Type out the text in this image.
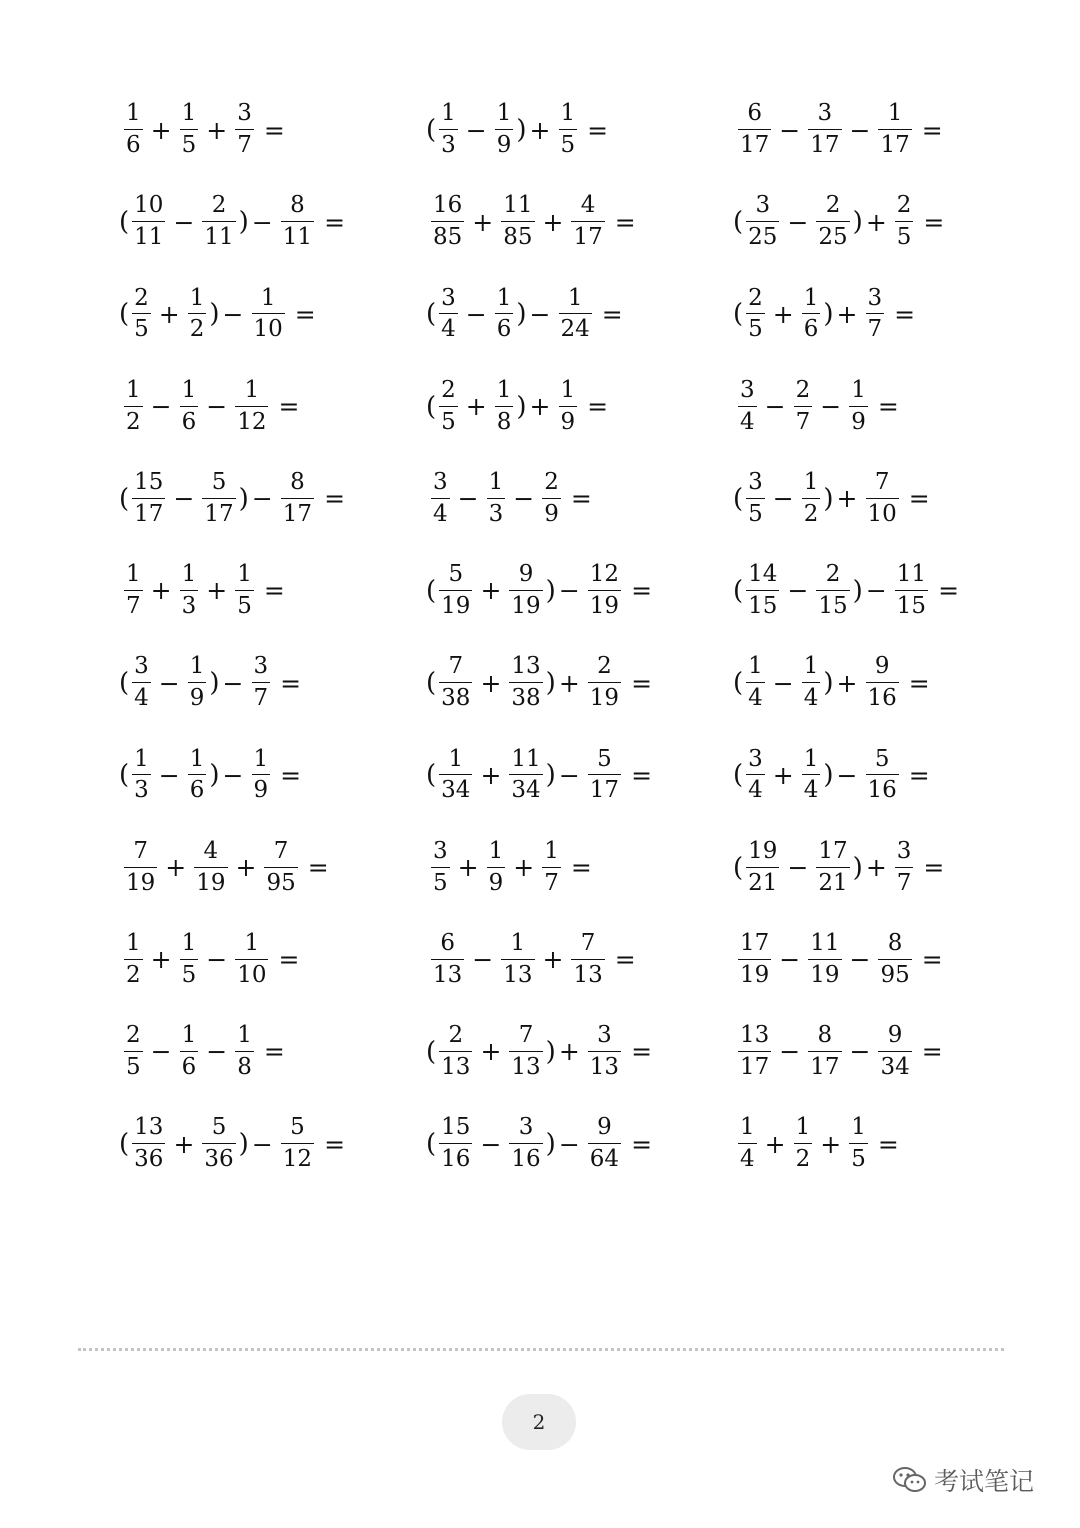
$\frac{1}{6} + \frac{1}{5} + \frac{3}{7}$ =	( $\frac{1}{3} - \frac{1}{9}$ ) + $\frac{1}{5}$ =	$\frac{6}{17} - \frac{3}{17} - \frac{1}{17}$ =
( $\frac{10}{11} - \frac{2}{11}$ ) − $\frac{8}{11}$ =	$\frac{16}{85} + \frac{11}{85} + \frac{4}{17}$ =	( $\frac{3}{25} - \frac{2}{25}$ ) + $\frac{2}{5}$ =
( $\frac{2}{5} + \frac{1}{2}$ ) − $\frac{1}{10}$ =	( $\frac{3}{4} - \frac{1}{6}$ ) − $\frac{1}{24}$ =	( $\frac{2}{5} + \frac{1}{6}$ ) + $\frac{3}{7}$ =
$\frac{1}{2} - \frac{1}{6} - \frac{1}{12}$ =	( $\frac{2}{5} + \frac{1}{8}$ ) + $\frac{1}{9}$ =	$\frac{3}{4} - \frac{2}{7} - \frac{1}{9}$ =
( $\frac{15}{17} - \frac{5}{17}$ ) − $\frac{8}{17}$ =	$\frac{3}{4} - \frac{1}{3} - \frac{2}{9}$ =	( $\frac{3}{5} - \frac{1}{2}$ ) + $\frac{7}{10}$ =
$\frac{1}{7} + \frac{1}{3} + \frac{1}{5}$ =	( $\frac{5}{19} + \frac{9}{19}$ ) − $\frac{12}{19}$ =	( $\frac{14}{15} - \frac{2}{15}$ ) − $\frac{11}{15}$ =
( $\frac{3}{4} - \frac{1}{9}$ ) − $\frac{3}{7}$ =	( $\frac{7}{38} + \frac{13}{38}$ ) + $\frac{2}{19}$ =	( $\frac{1}{4} - \frac{1}{4}$ ) + $\frac{9}{16}$ =
( $\frac{1}{3} - \frac{1}{6}$ ) − $\frac{1}{9}$ =	( $\frac{1}{34} + \frac{11}{34}$ ) − $\frac{5}{17}$ =	( $\frac{3}{4} + \frac{1}{4}$ ) − $\frac{5}{16}$ =
$\frac{7}{19} + \frac{4}{19} + \frac{7}{95}$ =	$\frac{3}{5} + \frac{1}{9} + \frac{1}{7}$ =	( $\frac{19}{21} - \frac{17}{21}$ ) + $\frac{3}{7}$ =
$\frac{1}{2} + \frac{1}{5} - \frac{1}{10}$ =	$\frac{6}{13} - \frac{1}{13} + \frac{7}{13}$ =	$\frac{17}{19} - \frac{11}{19} - \frac{8}{95}$ =
$\frac{2}{5} - \frac{1}{6} - \frac{1}{8}$ =	( $\frac{2}{13} + \frac{7}{13}$ ) + $\frac{3}{13}$ =	$\frac{13}{17} - \frac{8}{17} - \frac{9}{34}$ =
( $\frac{13}{36} + \frac{5}{36}$ ) − $\frac{5}{12}$ =	( $\frac{15}{16} - \frac{3}{16}$ ) − $\frac{9}{64}$ =	$\frac{1}{4} + \frac{1}{2} + \frac{1}{5}$ =
2
考试笔记
